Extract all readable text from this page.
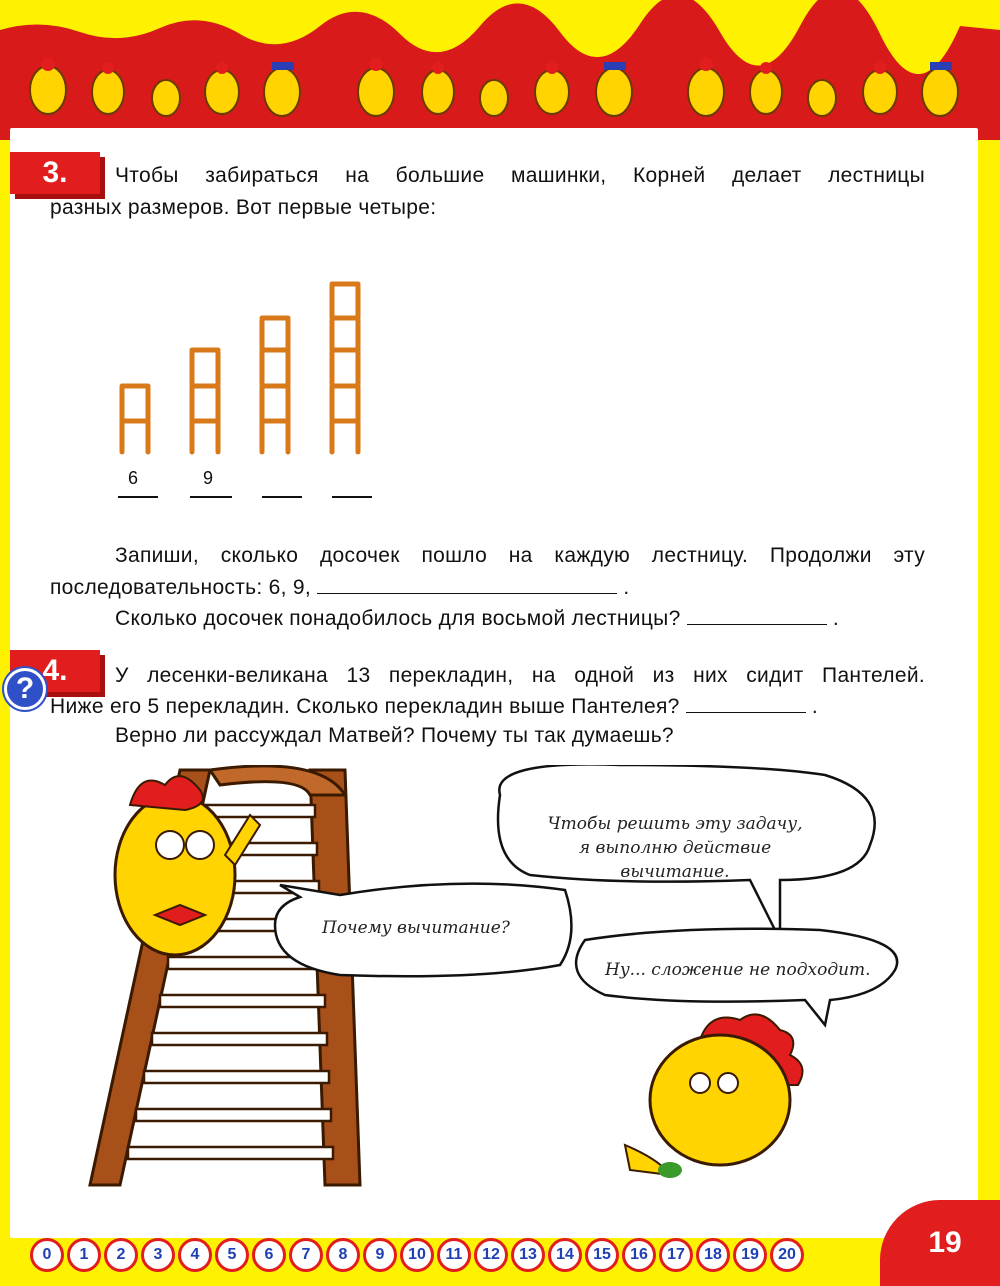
3.	Чтобы забираться на большие машинки, Корней делает лестницы
разных размеров. Вот первые четыре:
6	9
Запиши, сколько досочек пошло на каждую лестницу. Продолжи эту
последовательность: 6, 9,	.
Сколько досочек понадобилось для восьмой лестницы?	.
4.
?	У лесенки-великана 13 перекладин, на одной из них сидит Пантелей.
Ниже его 5 перекладин. Сколько перекладин выше Пантелея?	.
Верно ли рассуждал Матвей? Почему ты так думаешь?
Чтобы решить эту задачу,
я выполню действие вычитание.
Почему вычитание?
Ну... сложение не подходит.
0	1	2	3	4	5	6	7	8	9	10	11	12	13	14	15	16	17	18	19	20	19
